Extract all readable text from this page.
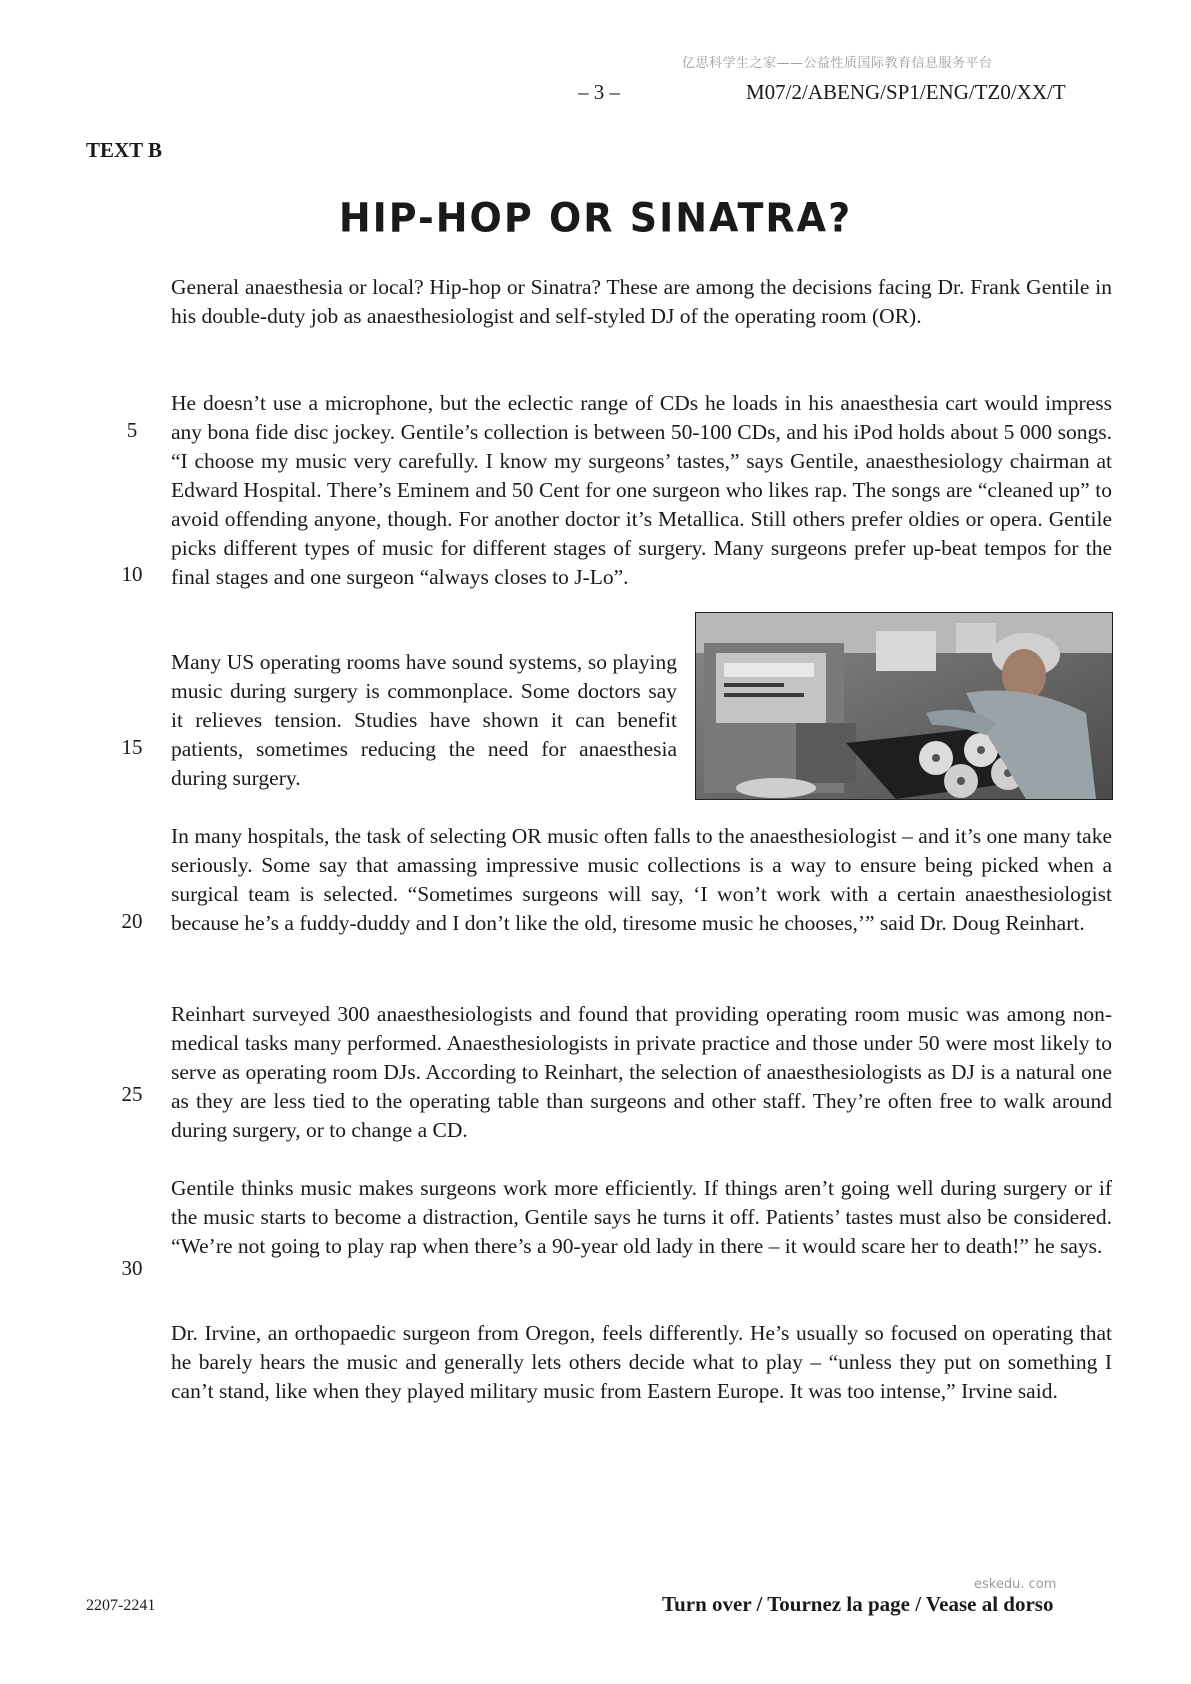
亿思科学生之家——公益性质国际教育信息服务平台
– 3 –	M07/2/ABENG/SP1/ENG/TZ0/XX/T
TEXT B
HIP-HOP OR SINATRA?

General anaesthesia or local? Hip-hop or Sinatra? These are among the decisions facing Dr. Frank Gentile in his double-duty job as anaesthesiologist and self-styled DJ of the operating room (OR).

He doesn’t use a microphone, but the eclectic range of CDs he loads in his anaesthesia cart would impress any bona fide disc jockey. Gentile’s collection is between 50-100 CDs, and his iPod holds about 5 000 songs. “I choose my music very carefully. I know my surgeons’ tastes,” says Gentile, anaesthesiology chairman at Edward Hospital. There’s Eminem and 50 Cent for one surgeon who likes rap. The songs are “cleaned up” to avoid offending anyone, though. For another doctor it’s Metallica. Still others prefer oldies or opera. Gentile picks different types of music for different stages of surgery. Many surgeons prefer up-beat tempos for the final stages and one surgeon “always closes to J-Lo”.

Many US operating rooms have sound systems, so playing music during surgery is commonplace. Some doctors say it relieves tension. Studies have shown it can benefit patients, sometimes reducing the need for anaesthesia during surgery.

In many hospitals, the task of selecting OR music often falls to the anaesthesiologist – and it’s one many take seriously. Some say that amassing impressive music collections is a way to ensure being picked when a surgical team is selected. “Sometimes surgeons will say, ‘I won’t work with a certain anaesthesiologist because he’s a fuddy-duddy and I don’t like the old, tiresome music he chooses,’” said Dr. Doug Reinhart.

Reinhart surveyed 300 anaesthesiologists and found that providing operating room music was among non-medical tasks many performed. Anaesthesiologists in private practice and those under 50 were most likely to serve as operating room DJs. According to Reinhart, the selection of anaesthesiologists as DJ is a natural one as they are less tied to the operating table than surgeons and other staff. They’re often free to walk around during surgery, or to change a CD.

Gentile thinks music makes surgeons work more efficiently. If things aren’t going well during surgery or if the music starts to become a distraction, Gentile says he turns it off. Patients’ tastes must also be considered. “We’re not going to play rap when there’s a 90-year old lady in there – it would scare her to death!” he says.

Dr. Irvine, an orthopaedic surgeon from Oregon, feels differently. He’s usually so focused on operating that he barely hears the music and generally lets others decide what to play – “unless they put on something I can’t stand, like when they played military music from Eastern Europe. It was too intense,” Irvine said.

5
10
15
20
25
30
2207-2241
eskedu. com
Turn over / Tournez la page / Vease al dorso
